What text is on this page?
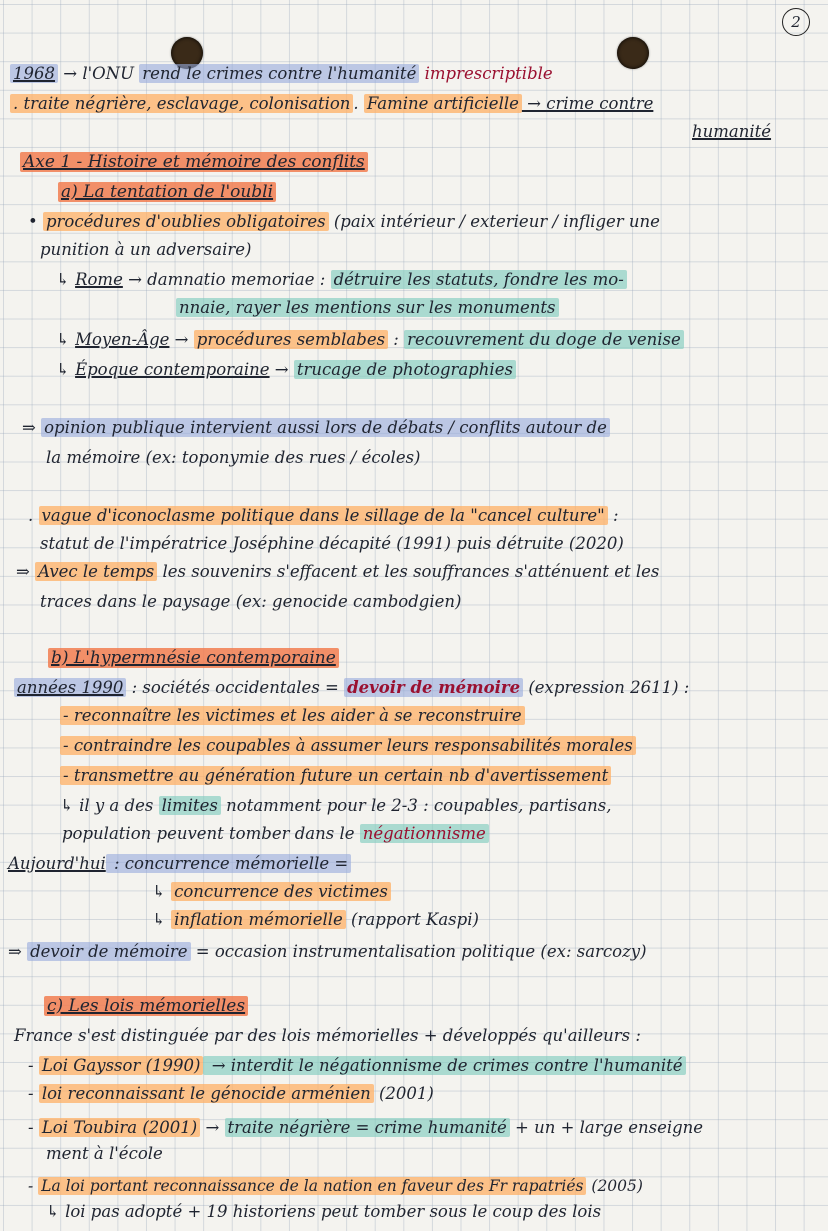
2
1968 → l'ONU rend le crimes contre l'humanité imprescriptible
. traite négrière, esclavage, colonisation . Famine artificielle → crime contre
humanité
Axe 1 - Histoire et mémoire des conflits
a) La tentation de l'oubli
• procédures d'oublies obligatoires (paix intérieur / exterieur / infliger une
punition à un adversaire)
↳ Rome → damnatio memoriae : détruire les statuts, fondre les mo-
nnaie, rayer les mentions sur les monuments
↳ Moyen-Âge → procédures semblabes : recouvrement du doge de venise
↳ Époque contemporaine → trucage de photographies
⇒ opinion publique intervient aussi lors de débats / conflits autour de
la mémoire (ex: toponymie des rues / écoles)
. vague d'iconoclasme politique dans le sillage de la "cancel culture" :
statut de l'impératrice Joséphine décapité (1991) puis détruite (2020)
⇒ Avec le temps les souvenirs s'effacent et les souffrances s'atténuent et les
traces dans le paysage (ex: genocide cambodgien)
b) L'hypermnésie contemporaine
années 1990 : sociétés occidentales = devoir de mémoire (expression 2611) :
- reconnaître les victimes et les aider à se reconstruire
- contraindre les coupables à assumer leurs responsabilités morales
- transmettre au génération future un certain nb d'avertissement
↳ il y a des limites notamment pour le 2-3 : coupables, partisans,
population peuvent tomber dans le négationnisme
Aujourd'hui : concurrence mémorielle =
↳ concurrence des victimes
↳ inflation mémorielle (rapport Kaspi)
⇒ devoir de mémoire = occasion instrumentalisation politique (ex: sarcozy)
c) Les lois mémorielles
France s'est distinguée par des lois mémorielles + développés qu'ailleurs :
- Loi Gayssor (1990) → interdit le négationnisme de crimes contre l'humanité
- loi reconnaissant le génocide arménien (2001)
- Loi Toubira (2001) → traite négrière = crime humanité + un + large enseigne
ment à l'école
- La loi portant reconnaissance de la nation en faveur des Fr rapatriés (2005)
↳ loi pas adopté + 19 historiens peut tomber sous le coup des lois
